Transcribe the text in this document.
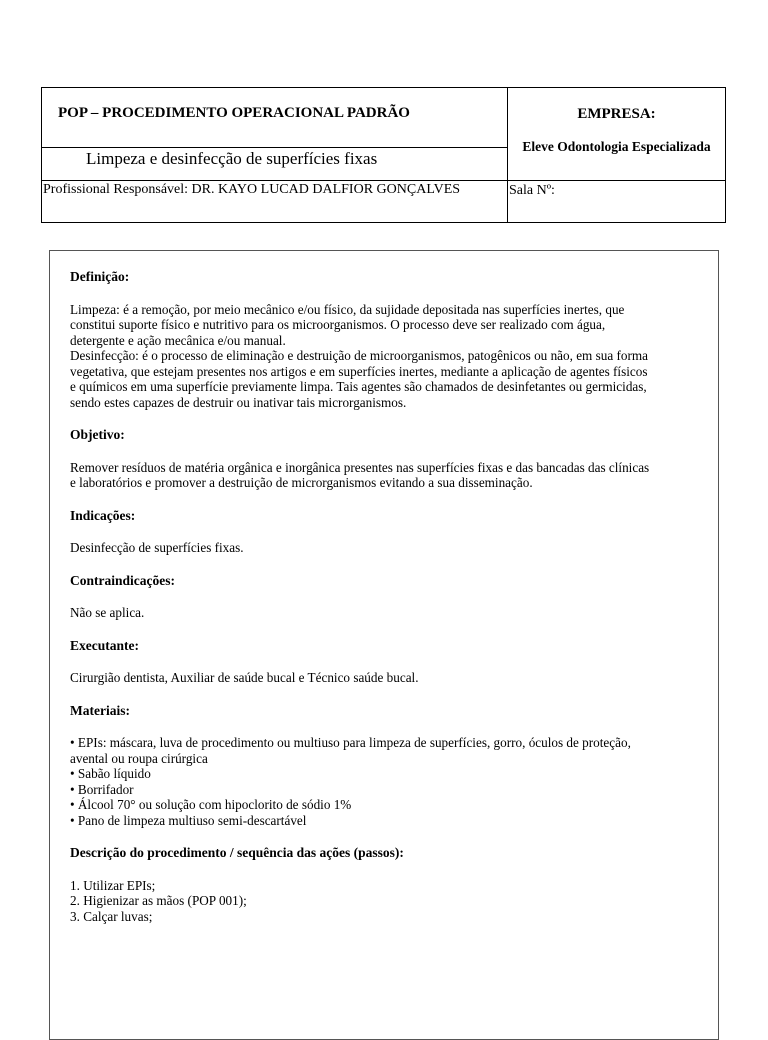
POP – PROCEDIMENTO OPERACIONAL PADRÃO
Limpeza e desinfecção de superfícies fixas
EMPRESA:
Eleve Odontologia Especializada
Profissional Responsável: DR. KAYO LUCAD DALFIOR GONÇALVES	Sala Nº:
Definição:
Limpeza: é a remoção, por meio mecânico e/ou físico, da sujidade depositada nas superfícies inertes, que
constitui suporte físico e nutritivo para os microorganismos. O processo deve ser realizado com água,
detergente e ação mecânica e/ou manual.
Desinfecção: é o processo de eliminação e destruição de microorganismos, patogênicos ou não, em sua forma
vegetativa, que estejam presentes nos artigos e em superfícies inertes, mediante a aplicação de agentes físicos
e químicos em uma superfície previamente limpa. Tais agentes são chamados de desinfetantes ou germicidas,
sendo estes capazes de destruir ou inativar tais microrganismos.
Objetivo:
Remover resíduos de matéria orgânica e inorgânica presentes nas superfícies fixas e das bancadas das clínicas
e laboratórios e promover a destruição de microrganismos evitando a sua disseminação.
Indicações:
Desinfecção de superfícies fixas.
Contraindicações:
Não se aplica.
Executante:
Cirurgião dentista, Auxiliar de saúde bucal e Técnico saúde bucal.
Materiais:
• EPIs: máscara, luva de procedimento ou multiuso para limpeza de superfícies, gorro, óculos de proteção,
avental ou roupa cirúrgica
• Sabão líquido
• Borrifador
• Álcool 70° ou solução com hipoclorito de sódio 1%
• Pano de limpeza multiuso semi-descartável
Descrição do procedimento / sequência das ações (passos):
1. Utilizar EPIs;
2. Higienizar as mãos (POP 001);
3. Calçar luvas;
